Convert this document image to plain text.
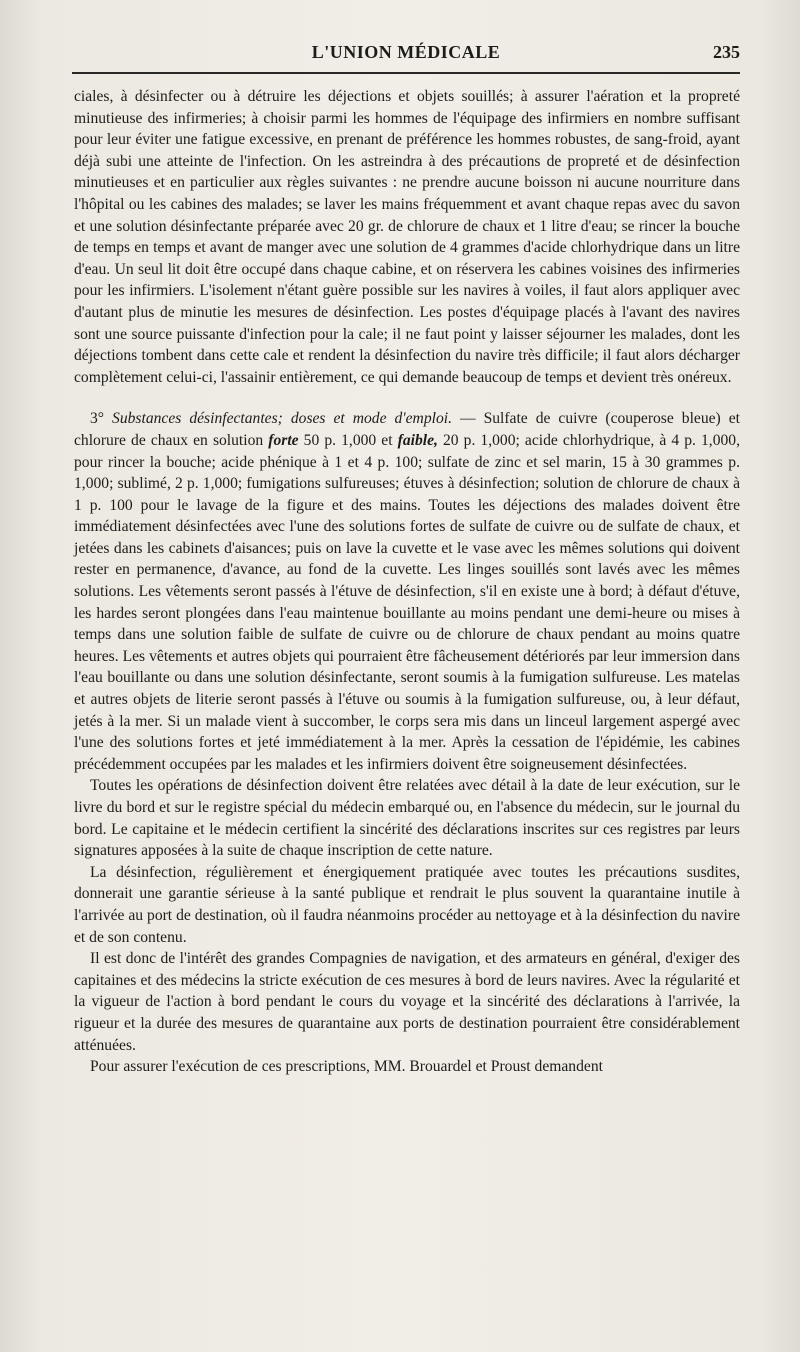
L'UNION MÉDICALE	235

ciales, à désinfecter ou à détruire les déjections et objets souillés; à assurer l'aération et la propreté minutieuse des infirmeries; à choisir parmi les hommes de l'équipage des infirmiers en nombre suffisant pour leur éviter une fatigue excessive, en prenant de préférence les hommes robustes, de sang-froid, ayant déjà subi une atteinte de l'infection. On les astreindra à des précautions de propreté et de désinfection minutieuses et en particulier aux règles suivantes : ne prendre aucune boisson ni aucune nourriture dans l'hôpital ou les cabines des malades; se laver les mains fréquemment et avant chaque repas avec du savon et une solution désinfectante préparée avec 20 gr. de chlorure de chaux et 1 litre d'eau; se rincer la bouche de temps en temps et avant de manger avec une solution de 4 grammes d'acide chlorhydrique dans un litre d'eau. Un seul lit doit être occupé dans chaque cabine, et on réservera les cabines voisines des infirmeries pour les infirmiers. L'isolement n'étant guère possible sur les navires à voiles, il faut alors appliquer avec d'autant plus de minutie les mesures de désinfection. Les postes d'équipage placés à l'avant des navires sont une source puissante d'infection pour la cale; il ne faut point y laisser séjourner les malades, dont les déjections tombent dans cette cale et rendent la désinfection du navire très difficile; il faut alors décharger complètement celui-ci, l'assainir entièrement, ce qui demande beaucoup de temps et devient très onéreux.

3° Substances désinfectantes; doses et mode d'emploi. — Sulfate de cuivre (couperose bleue) et chlorure de chaux en solution forte 50 p. 1,000 et faible, 20 p. 1,000; acide chlorhydrique, à 4 p. 1,000, pour rincer la bouche; acide phénique à 1 et 4 p. 100; sulfate de zinc et sel marin, 15 à 30 grammes p. 1,000; sublimé, 2 p. 1,000; fumigations sulfureuses; étuves à désinfection; solution de chlorure de chaux à 1 p. 100 pour le lavage de la figure et des mains. Toutes les déjections des malades doivent être immédiatement désinfectées avec l'une des solutions fortes de sulfate de cuivre ou de sulfate de chaux, et jetées dans les cabinets d'aisances; puis on lave la cuvette et le vase avec les mêmes solutions qui doivent rester en permanence, d'avance, au fond de la cuvette. Les linges souillés sont lavés avec les mêmes solutions. Les vêtements seront passés à l'étuve de désinfection, s'il en existe une à bord; à défaut d'étuve, les hardes seront plongées dans l'eau maintenue bouillante au moins pendant une demi-heure ou mises à temps dans une solution faible de sulfate de cuivre ou de chlorure de chaux pendant au moins quatre heures. Les vêtements et autres objets qui pourraient être fâcheusement détériorés par leur immersion dans l'eau bouillante ou dans une solution désinfectante, seront soumis à la fumigation sulfureuse. Les matelas et autres objets de literie seront passés à l'étuve ou soumis à la fumigation sulfureuse, ou, à leur défaut, jetés à la mer. Si un malade vient à succomber, le corps sera mis dans un linceul largement aspergé avec l'une des solutions fortes et jeté immédiatement à la mer. Après la cessation de l'épidémie, les cabines précédemment occupées par les malades et les infirmiers doivent être soigneusement désinfectées.

Toutes les opérations de désinfection doivent être relatées avec détail à la date de leur exécution, sur le livre du bord et sur le registre spécial du médecin embarqué ou, en l'absence du médecin, sur le journal du bord. Le capitaine et le médecin certifient la sincérité des déclarations inscrites sur ces registres par leurs signatures apposées à la suite de chaque inscription de cette nature.

La désinfection, régulièrement et énergiquement pratiquée avec toutes les précautions susdites, donnerait une garantie sérieuse à la santé publique et rendrait le plus souvent la quarantaine inutile à l'arrivée au port de destination, où il faudra néanmoins procéder au nettoyage et à la désinfection du navire et de son contenu.

Il est donc de l'intérêt des grandes Compagnies de navigation, et des armateurs en général, d'exiger des capitaines et des médecins la stricte exécution de ces mesures à bord de leurs navires. Avec la régularité et la vigueur de l'action à bord pendant le cours du voyage et la sincérité des déclarations à l'arrivée, la rigueur et la durée des mesures de quarantaine aux ports de destination pourraient être considérablement atténuées.

Pour assurer l'exécution de ces prescriptions, MM. Brouardel et Proust demandent
